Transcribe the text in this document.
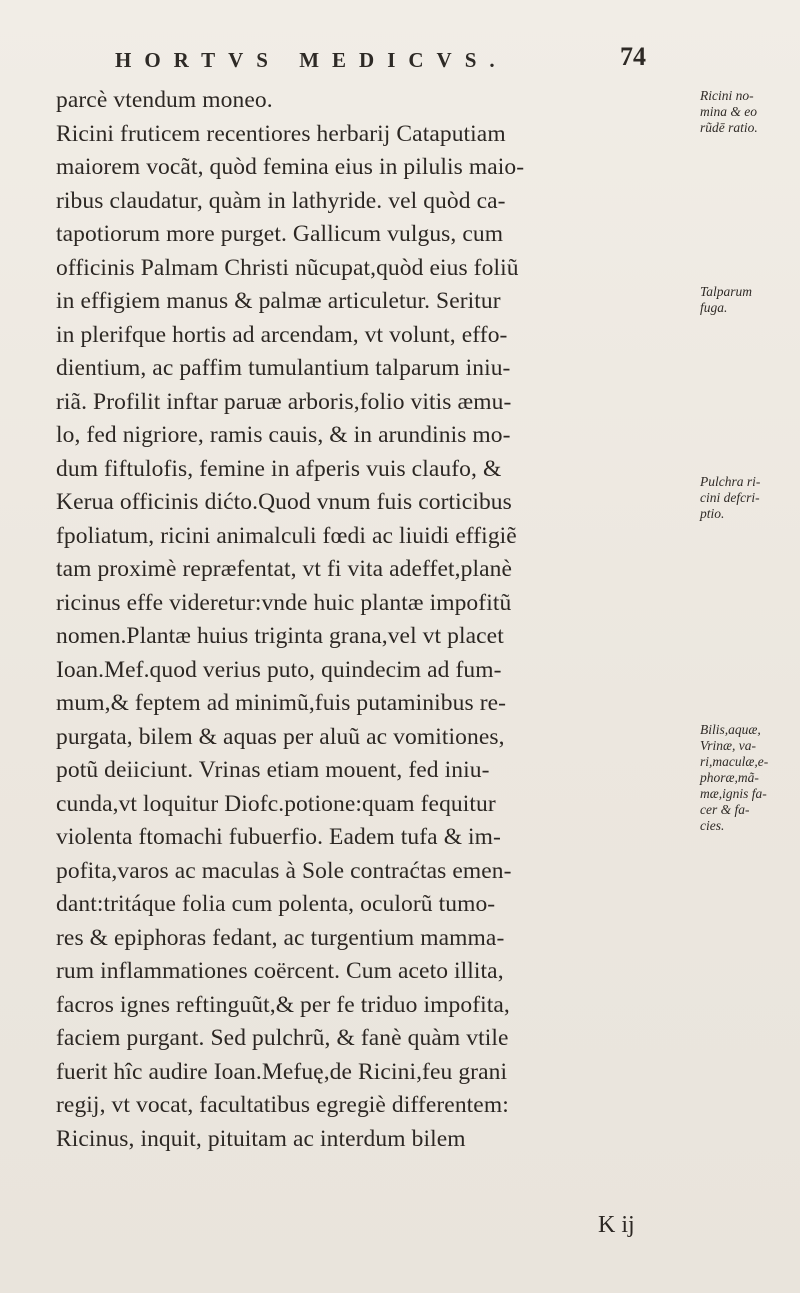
HORTVS MEDICVS.	74
parcè vtendum moneo.
Ricini fruticem recentiores herbarij Cataputiam
maiorem vocãt, quòd femina eius in pilulis maio-
ribus claudatur, quàm in lathyride. vel quòd ca-
tapotiorum more purget. Gallicum vulgus, cum
officinis Palmam Christi nũcupat,quòd eius foliũ
in effigiem manus & palmæ articuletur. Seritur
in plerifque hortis ad arcendam, vt volunt, effo-
dientium, ac paffim tumulantium talparum iniu-
riã. Profilit inftar paruæ arboris,folio vitis æmu-
lo, fed nigriore, ramis cauis, & in arundinis mo-
dum fiftulofis, femine in afperis vuis claufo, &
Kerua officinis dićto.Quod vnum fuis corticibus
fpoliatum, ricini animalculi fœdi ac liuidi effigiẽ
tam proximè repræfentat, vt fi vita adeffet,planè
ricinus effe videretur:vnde huic plantæ impofitũ
nomen.Plantæ huius triginta grana,vel vt placet
Ioan.Mef.quod verius puto, quindecim ad fum-
mum,& feptem ad minimũ,fuis putaminibus re-
purgata, bilem & aquas per aluũ ac vomitiones,
potũ deiiciunt. Vrinas etiam mouent, fed iniu-
cunda,vt loquitur Diofc.potione:quam fequitur
violenta ftomachi fubuerfio. Eadem tufa & im-
pofita,varos ac maculas à Sole contraćtas emen-
dant:tritáque folia cum polenta, oculorũ tumo-
res & epiphoras fedant, ac turgentium mamma-
rum inflammationes coërcent. Cum aceto illita,
facros ignes reftinguũt,& per fe triduo impofita,
faciem purgant. Sed pulchrũ, & fanè quàm vtile
fuerit hîc audire Ioan.Mefuę,de Ricini,feu grani
regij, vt vocat, facultatibus egregiè differentem:
Ricinus, inquit, pituitam ac interdum bilem
Ricini no-
mina & eo
rũdē ratio.
Talparum
fuga.
Pulchra ri-
cini defcri-
ptio.
Bilis,aquæ,
Vrinæ, va-
ri,maculæ,e-
phoræ,mã-
mæ,ignis fa-
cer & fa-
cies.
K ij
